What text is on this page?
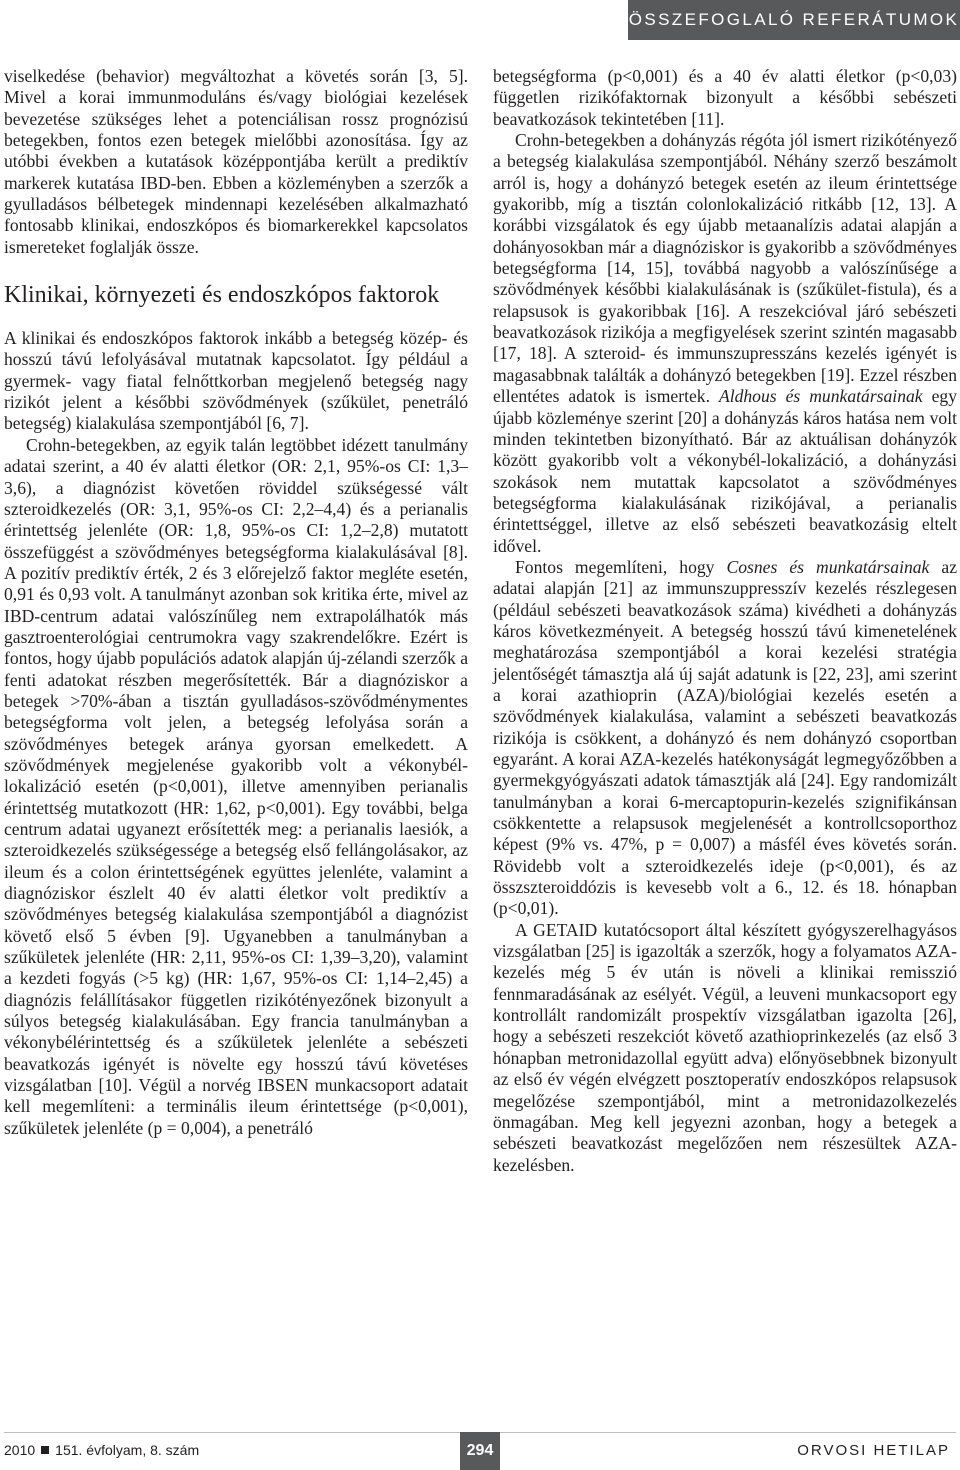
ÖSSZEFOGLALÓ REFERÁTUMOK

viselkedése (behavior) megváltozhat a követés során [3, 5]. Mivel a korai immunmoduláns és/vagy biológiai kezelések bevezetése szükséges lehet a potenciálisan rossz prognózisú betegekben, fontos ezen betegek mielőbbi azonosítása. Így az utóbbi években a kutatások középpontjába került a prediktív markerek kutatása IBD-ben. Ebben a közleményben a szerzők a gyulladásos bélbetegek mindennapi kezelésében alkalmazható fontosabb klinikai, endoszkópos és biomarkerekkel kapcsolatos ismereteket foglalják össze.

Klinikai, környezeti és endoszkópos faktorok

A klinikai és endoszkópos faktorok inkább a betegség közép- és hosszú távú lefolyásával mutatnak kapcsolatot. Így például a gyermek- vagy fiatal felnőttkorban megjelenő betegség nagy rizikót jelent a későbbi szövődmények (szűkület, penetráló betegség) kialakulása szempontjából [6, 7].

Crohn-betegekben, az egyik talán legtöbbet idézett tanulmány adatai szerint, a 40 év alatti életkor (OR: 2,1, 95%-os CI: 1,3–3,6), a diagnózist követően röviddel szükségessé vált szteroidkezelés (OR: 3,1, 95%-os CI: 2,2–4,4) és a perianalis érintettség jelenléte (OR: 1,8, 95%-os CI: 1,2–2,8) mutatott összefüggést a szövődményes betegségforma kialakulásával [8]. A pozitív prediktív érték, 2 és 3 előrejelző faktor megléte esetén, 0,91 és 0,93 volt. A tanulmányt azonban sok kritika érte, mivel az IBD-centrum adatai valószínűleg nem extrapolálhatók más gasztroenterológiai centrumokra vagy szakrendelőkre. Ezért is fontos, hogy újabb populációs adatok alapján új-zélandi szerzők a fenti adatokat részben megerősítették. Bár a diagnóziskor a betegek >70%-ában a tisztán gyulladásos-szövődménymentes betegségforma volt jelen, a betegség lefolyása során a szövődményes betegek aránya gyorsan emelkedett. A szövődmények megjelenése gyakoribb volt a vékonybél-lokalizáció esetén (p<0,001), illetve amennyiben perianalis érintettség mutatkozott (HR: 1,62, p<0,001). Egy további, belga centrum adatai ugyanezt erősítették meg: a perianalis laesiók, a szteroidkezelés szükségessége a betegség első fellángolásakor, az ileum és a colon érintettségének együttes jelenléte, valamint a diagnóziskor észlelt 40 év alatti életkor volt prediktív a szövődményes betegség kialakulása szempontjából a diagnózist követő első 5 évben [9]. Ugyanebben a tanulmányban a szűkületek jelenléte (HR: 2,11, 95%-os CI: 1,39–3,20), valamint a kezdeti fogyás (>5 kg) (HR: 1,67, 95%-os CI: 1,14–2,45) a diagnózis felállításakor független rizikótényezőnek bizonyult a súlyos betegség kialakulásában. Egy francia tanulmányban a vékonybélérintettség és a szűkületek jelenléte a sebészeti beavatkozás igényét is növelte egy hosszú távú követéses vizsgálatban [10]. Végül a norvég IBSEN munkacsoport adatait kell megemlíteni: a terminális ileum érintettsége (p<0,001), szűkületek jelenléte (p = 0,004), a penetráló

betegségforma (p<0,001) és a 40 év alatti életkor (p<0,03) független rizikófaktornak bizonyult a későbbi sebészeti beavatkozások tekintetében [11].

Crohn-betegekben a dohányzás régóta jól ismert rizikótényező a betegség kialakulása szempontjából. Néhány szerző beszámolt arról is, hogy a dohányzó betegek esetén az ileum érintettsége gyakoribb, míg a tisztán colonlokalizáció ritkább [12, 13]. A korábbi vizsgálatok és egy újabb metaanalízis adatai alapján a dohányosokban már a diagnóziskor is gyakoribb a szövődményes betegségforma [14, 15], továbbá nagyobb a valószínűsége a szövődmények későbbi kialakulásának is (szűkület-fistula), és a relapsusok is gyakoribbak [16]. A reszekcióval járó sebészeti beavatkozások rizikója a megfigyelések szerint szintén magasabb [17, 18]. A szteroid- és immunszupresszáns kezelés igényét is magasabbnak találták a dohányzó betegekben [19]. Ezzel részben ellentétes adatok is ismertek. Aldhous és munkatársainak egy újabb közleménye szerint [20] a dohányzás káros hatása nem volt minden tekintetben bizonyítható. Bár az aktuálisan dohányzók között gyakoribb volt a vékonybél-lokalizáció, a dohányzási szokások nem mutattak kapcsolatot a szövődményes betegségforma kialakulásának rizikójával, a perianalis érintettséggel, illetve az első sebészeti beavatkozásig eltelt idővel.

Fontos megemlíteni, hogy Cosnes és munkatársainak az adatai alapján [21] az immunszuppresszív kezelés részlegesen (például sebészeti beavatkozások száma) kivédheti a dohányzás káros következményeit. A betegség hosszú távú kimenetelének meghatározása szempontjából a korai kezelési stratégia jelentőségét támasztja alá új saját adatunk is [22, 23], ami szerint a korai azathioprin (AZA)/biológiai kezelés esetén a szövődmények kialakulása, valamint a sebészeti beavatkozás rizikója is csökkent, a dohányzó és nem dohányzó csoportban egyaránt. A korai AZA-kezelés hatékonyságát legmegyőzőbben a gyermekgyógyászati adatok támasztják alá [24]. Egy randomizált tanulmányban a korai 6-mercaptopurin-kezelés szignifikánsan csökkentette a relapsusok megjelenését a kontrollcsoporthoz képest (9% vs. 47%, p = 0,007) a másfél éves követés során. Rövidebb volt a szteroidkezelés ideje (p<0,001), és az összszteroiddózis is kevesebb volt a 6., 12. és 18. hónapban (p<0,01).

A GETAID kutatócsoport által készített gyógyszerelhagyásos vizsgálatban [25] is igazolták a szerzők, hogy a folyamatos AZA-kezelés még 5 év után is növeli a klinikai remisszió fennmaradásának az esélyét. Végül, a leuveni munkacsoport egy kontrollált randomizált prospektív vizsgálatban igazolta [26], hogy a sebészeti reszekciót követő azathioprinkezelés (az első 3 hónapban metronidazollal együtt adva) előnyösebbnek bizonyult az első év végén elvégzett posztoperatív endoszkópos relapsusok megelőzése szempontjából, mint a metronidazolkezelés önmagában. Meg kell jegyezni azonban, hogy a betegek a sebészeti beavatkozást megelőzően nem részesültek AZA-kezelésben.

2010 151. évfolyam, 8. szám	294	ORVOSI HETILAP
